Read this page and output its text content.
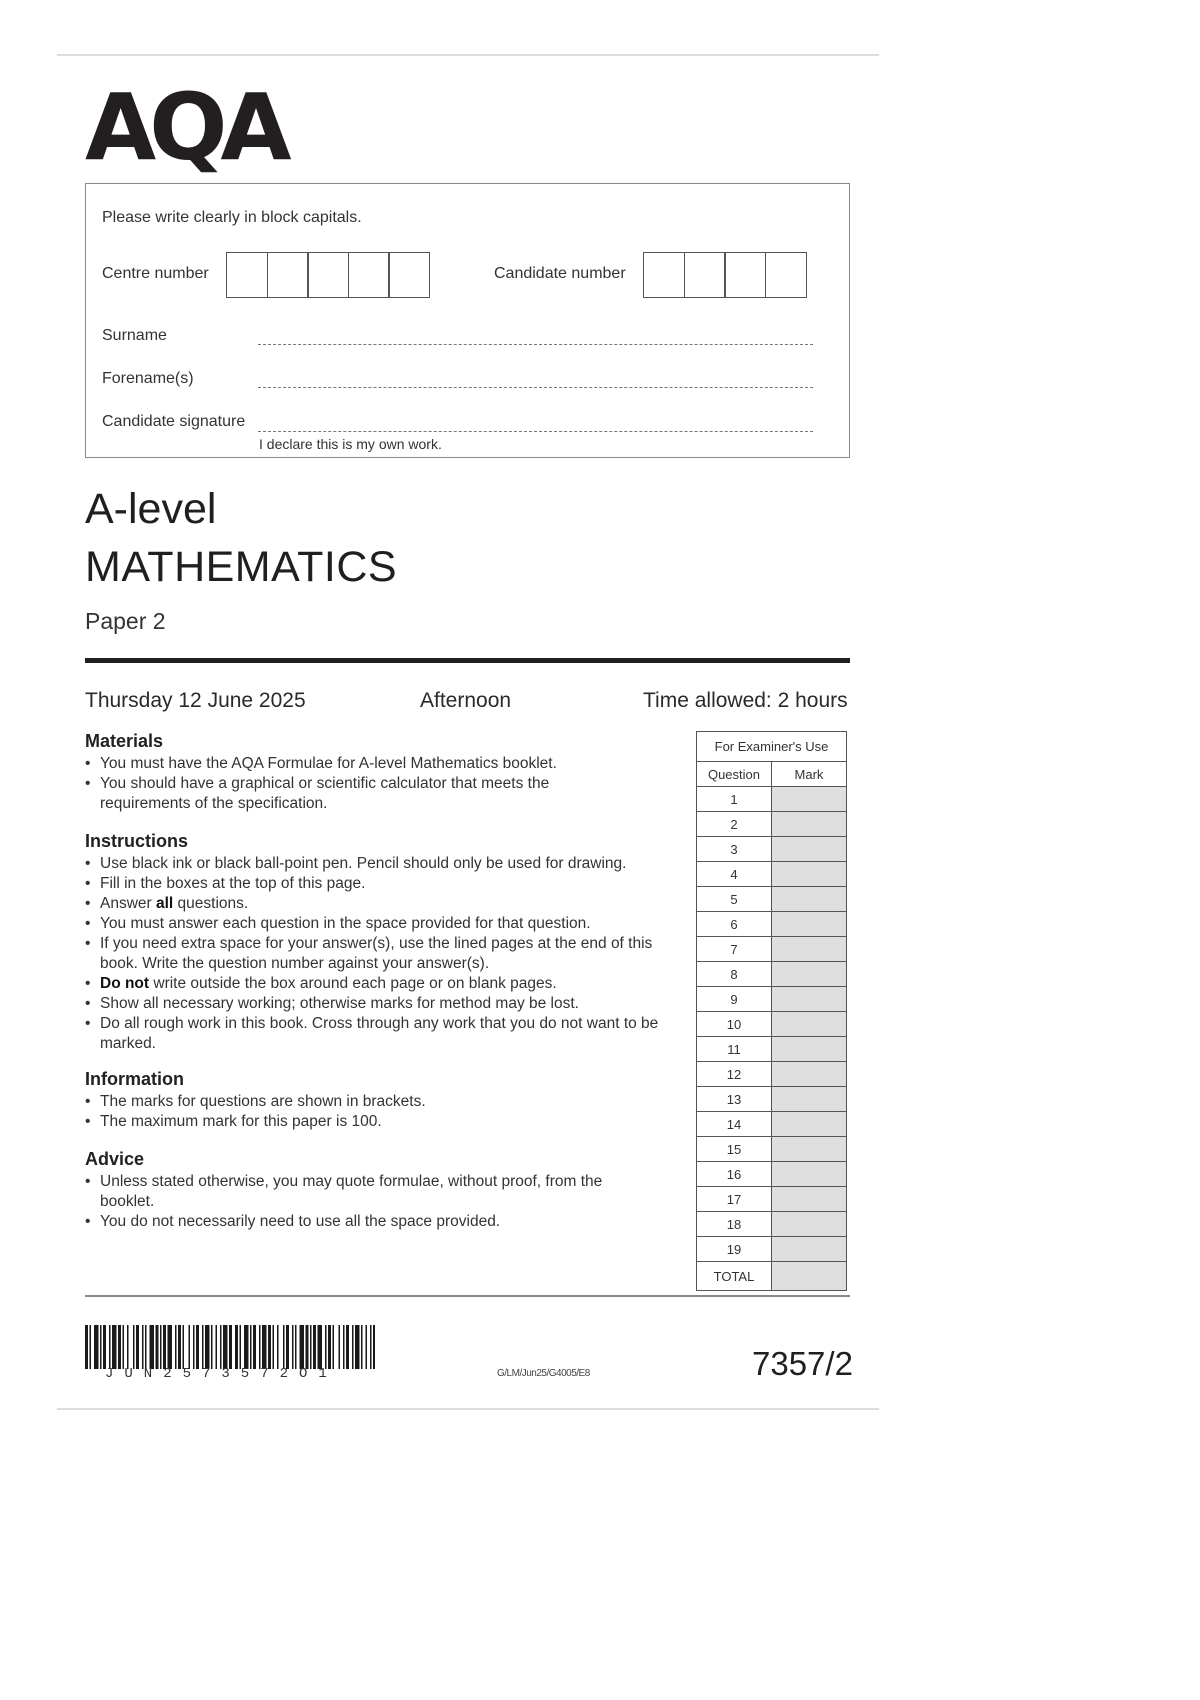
AQA
Please write clearly in block capitals.
Centre number	Candidate number
Surname
Forename(s)
Candidate signature
I declare this is my own work.
A-level
MATHEMATICS
Paper 2
Thursday 12 June 2025	Afternoon	Time allowed: 2 hours
Materials
• You must have the AQA Formulae for A-level Mathematics booklet.
• You should have a graphical or scientific calculator that meets the requirements of the specification.
Instructions
• Use black ink or black ball-point pen. Pencil should only be used for drawing.
• Fill in the boxes at the top of this page.
• Answer all questions.
• You must answer each question in the space provided for that question.
• If you need extra space for your answer(s), use the lined pages at the end of this book. Write the question number against your answer(s).
• Do not write outside the box around each page or on blank pages.
• Show all necessary working; otherwise marks for method may be lost.
• Do all rough work in this book. Cross through any work that you do not want to be marked.
Information
• The marks for questions are shown in brackets.
• The maximum mark for this paper is 100.
Advice
• Unless stated otherwise, you may quote formulae, without proof, from the booklet.
• You do not necessarily need to use all the space provided.
For Examiner's Use	
Question	Mark
1	
2	
3	
4	
5	
6	
7	
8	
9	
10	
11	
12	
13	
14	
15	
16	
17	
18	
19	
TOTAL	
JUN2573572O1	G/LM/Jun25/G4005/E8	7357/2
